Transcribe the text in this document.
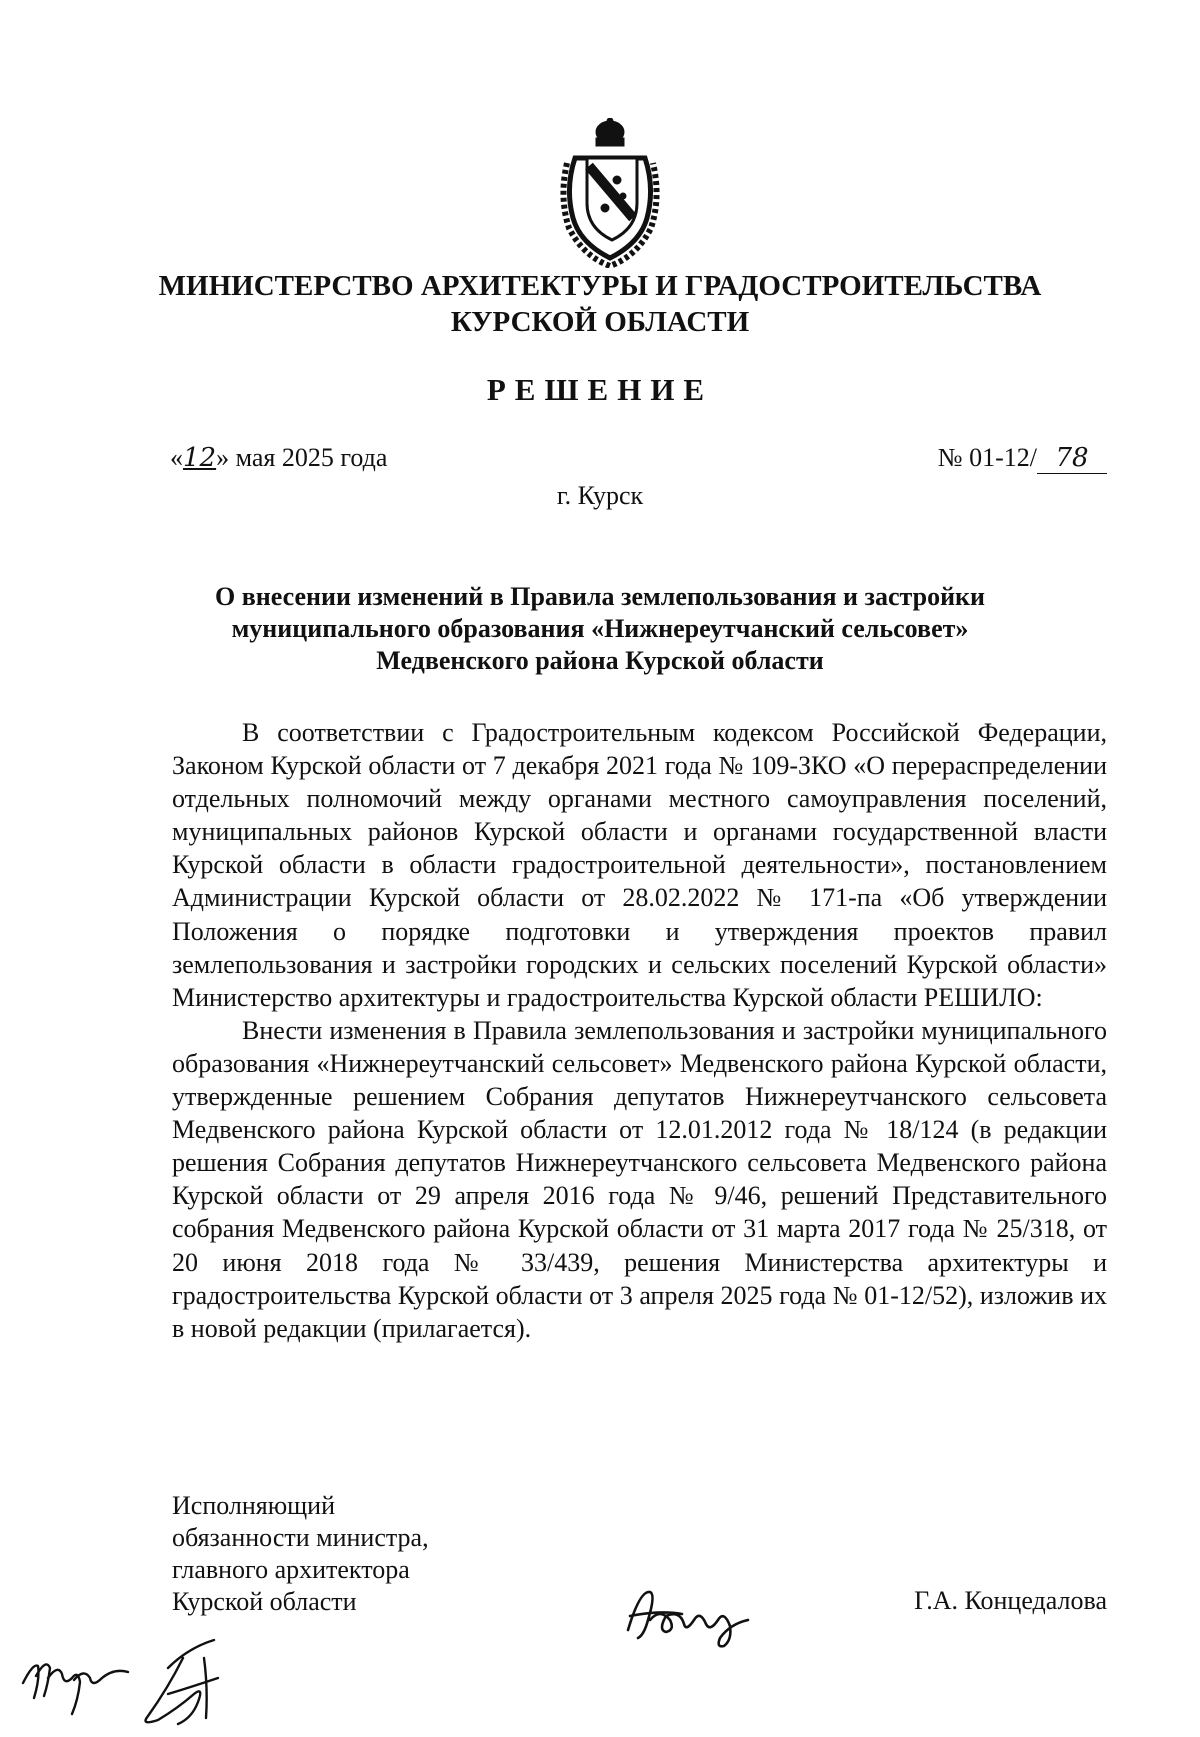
МИНИСТЕРСТВО АРХИТЕКТУРЫ И ГРАДОСТРОИТЕЛЬСТВА
КУРСКОЙ ОБЛАСТИ
РЕШЕНИЕ
«12» мая 2025 года	№ 01-12/ 78
г. Курск
О внесении изменений в Правила землепользования и застройки
муниципального образования «Нижнереутчанский сельсовет»
Медвенского района Курской области

В соответствии с Градостроительным кодексом Российской Федерации, Законом Курской области от 7 декабря 2021 года № 109-ЗКО «О перераспределении отдельных полномочий между органами местного самоуправления поселений, муниципальных районов Курской области и органами государственной власти Курской области в области градостроительной деятельности», постановлением Администрации Курской области от 28.02.2022 № 171-па «Об утверждении Положения о порядке подготовки и утверждения проектов правил землепользования и застройки городских и сельских поселений Курской области» Министерство архитектуры и градостроительства Курской области РЕШИЛО:

Внести изменения в Правила землепользования и застройки муниципального образования «Нижнереутчанский сельсовет» Медвенского района Курской области, утвержденные решением Собрания депутатов Нижнереутчанского сельсовета Медвенского района Курской области от 12.01.2012 года № 18/124 (в редакции решения Собрания депутатов Нижнереутчанского сельсовета Медвенского района Курской области от 29 апреля 2016 года № 9/46, решений Представительного собрания Медвенского района Курской области от 31 марта 2017 года № 25/318, от 20 июня 2018 года № 33/439, решения Министерства архитектуры и градостроительства Курской области от 3 апреля 2025 года № 01-12/52), изложив их в новой редакции (прилагается).

Исполняющий
обязанности министра,
главного архитектора
Курской области	Г.А. Концедалова
